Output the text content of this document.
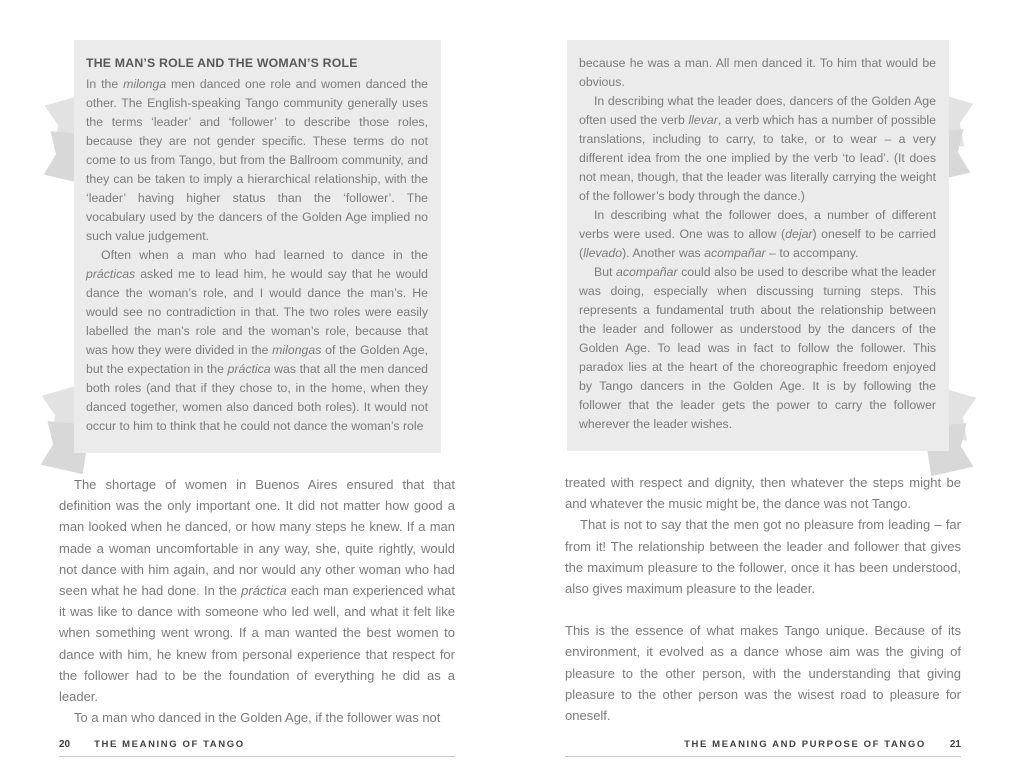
THE MAN’S ROLE AND THE WOMAN’S ROLE

In the milonga men danced one role and women danced the other. The English-speaking Tango community generally uses the terms ‘leader’ and ‘follower’ to describe those roles, because they are not gender specific. These terms do not come to us from Tango, but from the Ballroom community, and they can be taken to imply a hierarchical relationship, with the ‘leader’ having higher status than the ‘follower’. The vocabulary used by the dancers of the Golden Age implied no such value judgement.

Often when a man who had learned to dance in the prácticas asked me to lead him, he would say that he would dance the woman’s role, and I would dance the man’s. He would see no contradiction in that. The two roles were easily labelled the man’s role and the woman’s role, because that was how they were divided in the milongas of the Golden Age, but the expectation in the práctica was that all the men danced both roles (and that if they chose to, in the home, when they danced together, women also danced both roles). It would not occur to him to think that he could not dance the woman’s role

The shortage of women in Buenos Aires ensured that that definition was the only important one. It did not matter how good a man looked when he danced, or how many steps he knew. If a man made a woman uncomfortable in any way, she, quite rightly, would not dance with him again, and nor would any other woman who had seen what he had done. In the práctica each man experienced what it was like to dance with someone who led well, and what it felt like when something went wrong. If a man wanted the best women to dance with him, he knew from personal experience that respect for the follower had to be the foundation of everything he did as a leader.

To a man who danced in the Golden Age, if the follower was not

20	THE MEANING OF TANGO

because he was a man. All men danced it. To him that would be obvious.

In describing what the leader does, dancers of the Golden Age often used the verb llevar, a verb which has a number of possible translations, including to carry, to take, or to wear – a very different idea from the one implied by the verb ‘to lead’. (It does not mean, though, that the leader was literally carrying the weight of the follower’s body through the dance.)

In describing what the follower does, a number of different verbs were used. One was to allow (dejar) oneself to be carried (llevado). Another was acompañar – to accompany.

But acompañar could also be used to describe what the leader was doing, especially when discussing turning steps. This represents a fundamental truth about the relationship between the leader and follower as understood by the dancers of the Golden Age. To lead was in fact to follow the follower. This paradox lies at the heart of the choreographic freedom enjoyed by Tango dancers in the Golden Age. It is by following the follower that the leader gets the power to carry the follower wherever the leader wishes.

treated with respect and dignity, then whatever the steps might be and whatever the music might be, the dance was not Tango.

That is not to say that the men got no pleasure from leading – far from it! The relationship between the leader and follower that gives the maximum pleasure to the follower, once it has been understood, also gives maximum pleasure to the leader.

This is the essence of what makes Tango unique. Because of its environment, it evolved as a dance whose aim was the giving of pleasure to the other person, with the understanding that giving pleasure to the other person was the wisest road to pleasure for oneself.

THE MEANING AND PURPOSE OF TANGO 21
